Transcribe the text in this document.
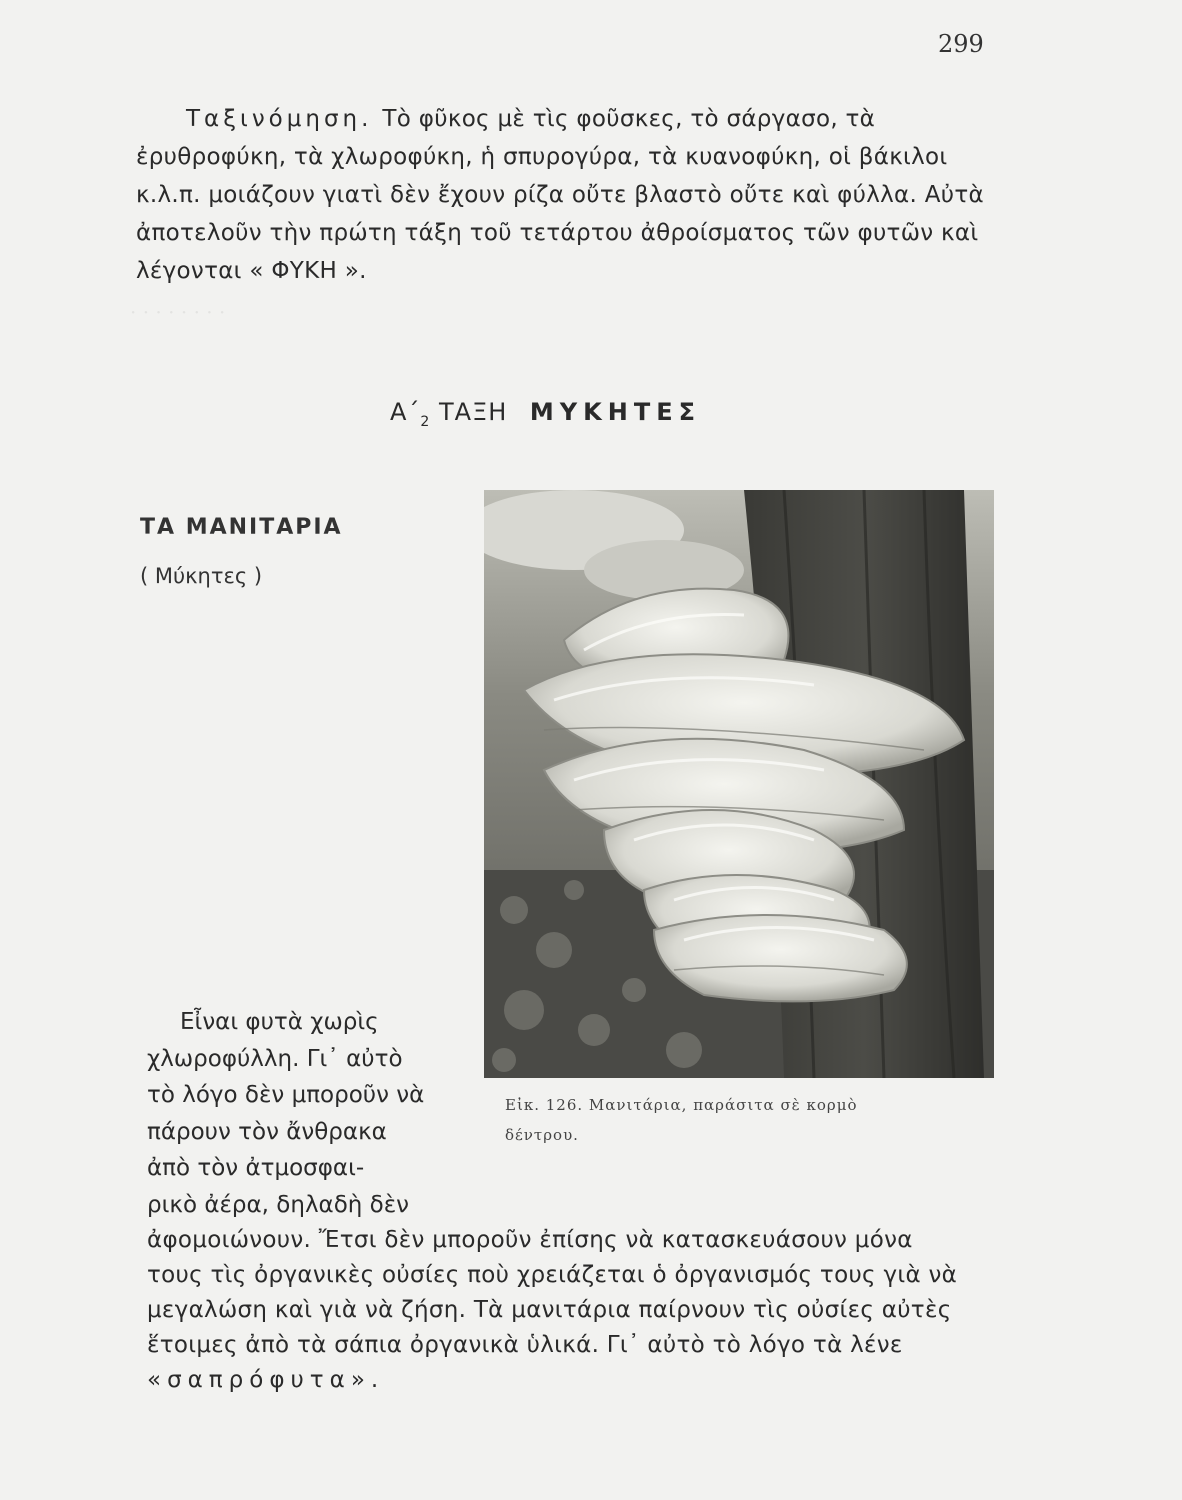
· · · · · · · ·
299
Ταξινόμηση. Τὸ φῦκος μὲ τὶς φοῦσκες, τὸ σάργασο, τὰ ἐρυθροφύκη, τὰ χλωροφύκη, ἡ σπυρογύρα, τὰ κυανοφύκη, οἱ βάκιλοι κ.λ.π. μοιάζουν γιατὶ δὲν ἔχουν ρίζα οὔτε βλαστὸ οὔτε καὶ φύλλα. Αὐτὰ ἀποτελοῦν τὴν πρώτη τάξη τοῦ τετάρτου ἀθροίσματος τῶν φυτῶν καὶ λέγονται « ΦΥΚΗ ».
$A΄_2$ ΤΑΞΗ ΜΥΚΗΤΕΣ
ΤΑ ΜΑΝΙΤΑΡΙΑ
( Μύκητες )
Εἰκ. 126. Μανιτάρια, παράσιτα σὲ κορμὸ
δέντρου.
Εἶναι φυτὰ χωρὶς
χλωροφύλλη. Γι᾽ αὐτὸ
τὸ λόγο δὲν μποροῦν νὰ
πάρουν τὸν ἄνθρακα
ἀπὸ τὸν ἀτμοσφαι-
ρικὸ ἀέρα, δηλαδὴ δὲν
ἀφομοιώνουν. Ἔτσι δὲν μποροῦν ἐπίσης νὰ κατασκευάσουν μόνα
τους τὶς ὀργανικὲς οὐσίες ποὺ χρειάζεται ὁ ὀργανισμός τους γιὰ νὰ
μεγαλώση καὶ γιὰ νὰ ζήση. Τὰ μανιτάρια παίρνουν τὶς οὐσίες αὐτὲς
ἕτοιμες ἀπὸ τὰ σάπια ὀργανικὰ ὑλικά. Γι᾽ αὐτὸ τὸ λόγο τὰ λένε
«σαπρόφυτα».
